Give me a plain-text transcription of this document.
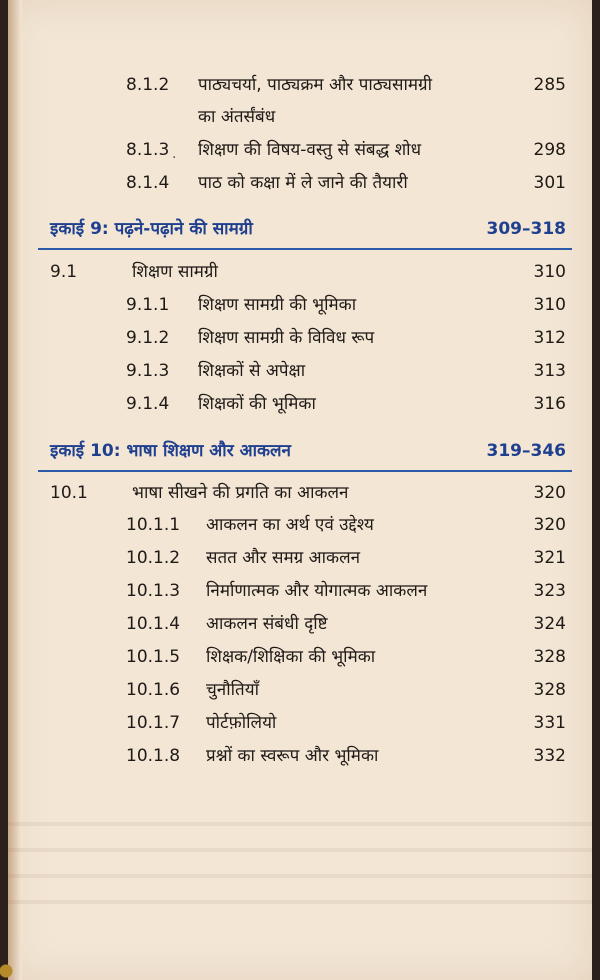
8.1.2 पाठ्यचर्या, पाठ्यक्रम और पाठ्यसामग्री	285
का अंतर्संबंध
8.1.3 . शिक्षण की विषय-वस्तु से संबद्ध शोध	298
8.1.4 पाठ को कक्षा में ले जाने की तैयारी	301
इकाई 9: पढ़ने-पढ़ाने की सामग्री	309–318
9.1	शिक्षण सामग्री	310
9.1.1 शिक्षण सामग्री की भूमिका	310
9.1.2 शिक्षण सामग्री के विविध रूप	312
9.1.3 शिक्षकों से अपेक्षा	313
9.1.4 शिक्षकों की भूमिका	316
इकाई 10: भाषा शिक्षण और आकलन	319–346
10.1	भाषा सीखने की प्रगति का आकलन	320
10.1.1 आकलन का अर्थ एवं उद्देश्य	320
10.1.2 सतत और समग्र आकलन	321
10.1.3 निर्माणात्मक और योगात्मक आकलन	323
10.1.4 आकलन संबंधी दृष्टि	324
10.1.5 शिक्षक/शिक्षिका की भूमिका	328
10.1.6 चुनौतियाँ	328
10.1.7 पोर्टफ़ोलियो	331
10.1.8 प्रश्नों का स्वरूप और भूमिका	332
